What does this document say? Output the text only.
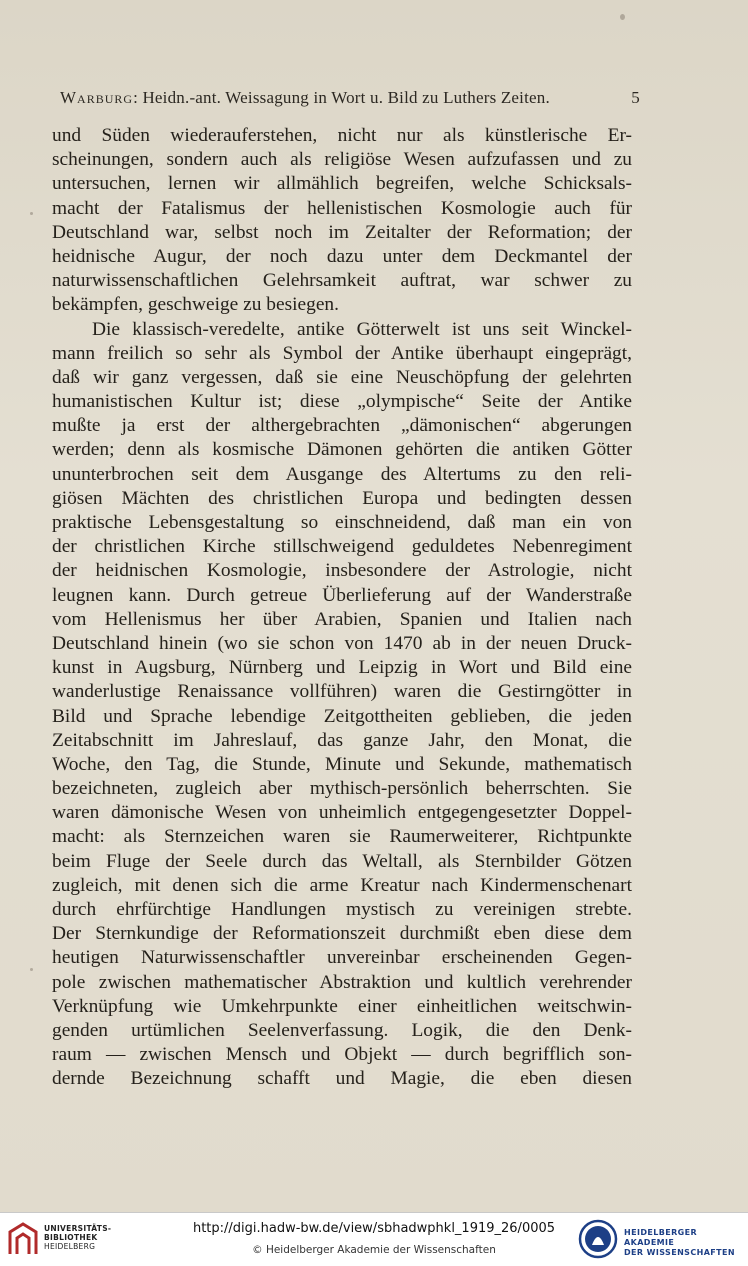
Warburg: Heidn.-ant. Weissagung in Wort u. Bild zu Luthers Zeiten.	5
und Süden wiederauferstehen, nicht nur als künstlerische Er-
scheinungen, sondern auch als religiöse Wesen aufzufassen und zu
untersuchen, lernen wir allmählich begreifen, welche Schicksals-
macht der Fatalismus der hellenistischen Kosmologie auch für
Deutschland war, selbst noch im Zeitalter der Reformation; der
heidnische Augur, der noch dazu unter dem Deckmantel der
naturwissenschaftlichen Gelehrsamkeit auftrat, war schwer zu
bekämpfen, geschweige zu besiegen.
Die klassisch-veredelte, antike Götterwelt ist uns seit Winckel-
mann freilich so sehr als Symbol der Antike überhaupt eingeprägt,
daß wir ganz vergessen, daß sie eine Neuschöpfung der gelehrten
humanistischen Kultur ist; diese „olympische“ Seite der Antike
mußte ja erst der althergebrachten „dämonischen“ abgerungen
werden; denn als kosmische Dämonen gehörten die antiken Götter
ununterbrochen seit dem Ausgange des Altertums zu den reli-
giösen Mächten des christlichen Europa und bedingten dessen
praktische Lebensgestaltung so einschneidend, daß man ein von
der christlichen Kirche stillschweigend geduldetes Nebenregiment
der heidnischen Kosmologie, insbesondere der Astrologie, nicht
leugnen kann. Durch getreue Überlieferung auf der Wanderstraße
vom Hellenismus her über Arabien, Spanien und Italien nach
Deutschland hinein (wo sie schon von 1470 ab in der neuen Druck-
kunst in Augsburg, Nürnberg und Leipzig in Wort und Bild eine
wanderlustige Renaissance vollführen) waren die Gestirngötter in
Bild und Sprache lebendige Zeitgottheiten geblieben, die jeden
Zeitabschnitt im Jahreslauf, das ganze Jahr, den Monat, die
Woche, den Tag, die Stunde, Minute und Sekunde, mathematisch
bezeichneten, zugleich aber mythisch-persönlich beherrschten. Sie
waren dämonische Wesen von unheimlich entgegengesetzter Doppel-
macht: als Sternzeichen waren sie Raumerweiterer, Richtpunkte
beim Fluge der Seele durch das Weltall, als Sternbilder Götzen
zugleich, mit denen sich die arme Kreatur nach Kindermenschenart
durch ehrfürchtige Handlungen mystisch zu vereinigen strebte.
Der Sternkundige der Reformationszeit durchmißt eben diese dem
heutigen Naturwissenschaftler unvereinbar erscheinenden Gegen-
pole zwischen mathematischer Abstraktion und kultlich verehrender
Verknüpfung wie Umkehrpunkte einer einheitlichen weitschwin-
genden urtümlichen Seelenverfassung. Logik, die den Denk-
raum — zwischen Mensch und Objekt — durch begrifflich son-
dernde Bezeichnung schafft und Magie, die eben diesen
UNIVERSITÄTS-
BIBLIOTHEK
HEIDELBERG
http://digi.hadw-bw.de/view/sbhadwphkl_1919_26/0005
© Heidelberger Akademie der Wissenschaften
HEIDELBERGER AKADEMIE
DER WISSENSCHAFTEN
